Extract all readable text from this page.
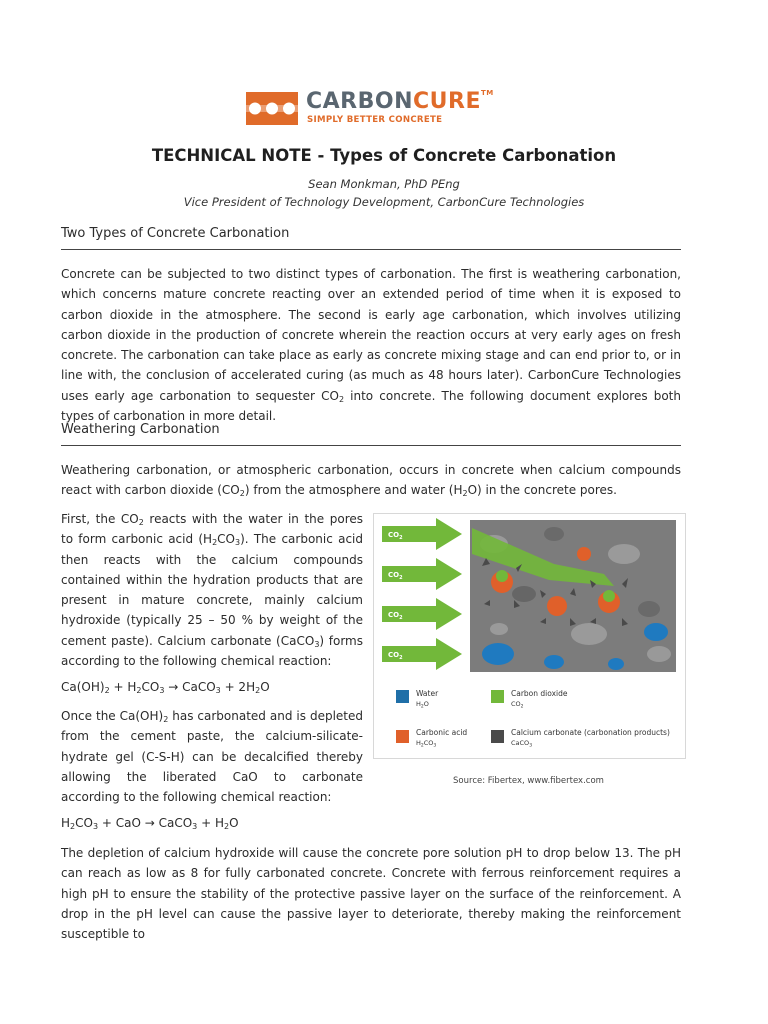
CARBONCURE™
SIMPLY BETTER CONCRETE
TECHNICAL NOTE - Types of Concrete Carbonation
Sean Monkman, PhD PEng
Vice President of Technology Development, CarbonCure Technologies
Two Types of Concrete Carbonation

Concrete can be subjected to two distinct types of carbonation. The first is weathering carbonation, which concerns mature concrete reacting over an extended period of time when it is exposed to carbon dioxide in the atmosphere. The second is early age carbonation, which involves utilizing carbon dioxide in the production of concrete wherein the reaction occurs at very early ages on fresh concrete. The carbonation can take place as early as concrete mixing stage and can end prior to, or in line with, the conclusion of accelerated curing (as much as 48 hours later). CarbonCure Technologies uses early age carbonation to sequester $CO_2$ into concrete. The following document explores both types of carbonation in more detail.

Weathering Carbonation

Weathering carbonation, or atmospheric carbonation, occurs in concrete when calcium compounds react with carbon dioxide $(CO_2)$ from the atmosphere and water $(H_2O)$ in the concrete pores.

First, the $CO_2$ reacts with the water in the pores to form carbonic acid $(H_2CO_3)$. The carbonic acid then reacts with the calcium compounds contained within the hydration products that are present in mature concrete, mainly calcium hydroxide (typically 25 – 50 % by weight of the cement paste). Calcium carbonate (CaCO$_3$) forms according to the following chemical reaction:

$Ca(OH)_2 + H_2CO_3$ → CaCO$_3$ + $2H_2O$

Once the $Ca(OH)_2$ has carbonated and is depleted from the cement paste, the calcium-silicate-hydrate gel (C-S-H) can be decalcified thereby allowing the liberated CaO to carbonate according to the following chemical reaction:

$H_2CO_3$ + CaO → CaCO$_3$ + $H_2O$

The depletion of calcium hydroxide will cause the concrete pore solution pH to drop below 13. The pH can reach as low as 8 for fully carbonated concrete. Concrete with ferrous reinforcement requires a high pH to ensure the stability of the protective passive layer on the surface of the reinforcement. A drop in the pH level can cause the passive layer to deteriorate, thereby making the reinforcement susceptible to

$CO_2$
$CO_2$
$CO_2$
$CO_2$
Water
$H_2O$
Carbon dioxide
$CO_2$
Carbonic acid
$H_2CO_3$
Calcium carbonate (carbonation products)
CaCO$_3$
Source: Fibertex, www.fibertex.com
